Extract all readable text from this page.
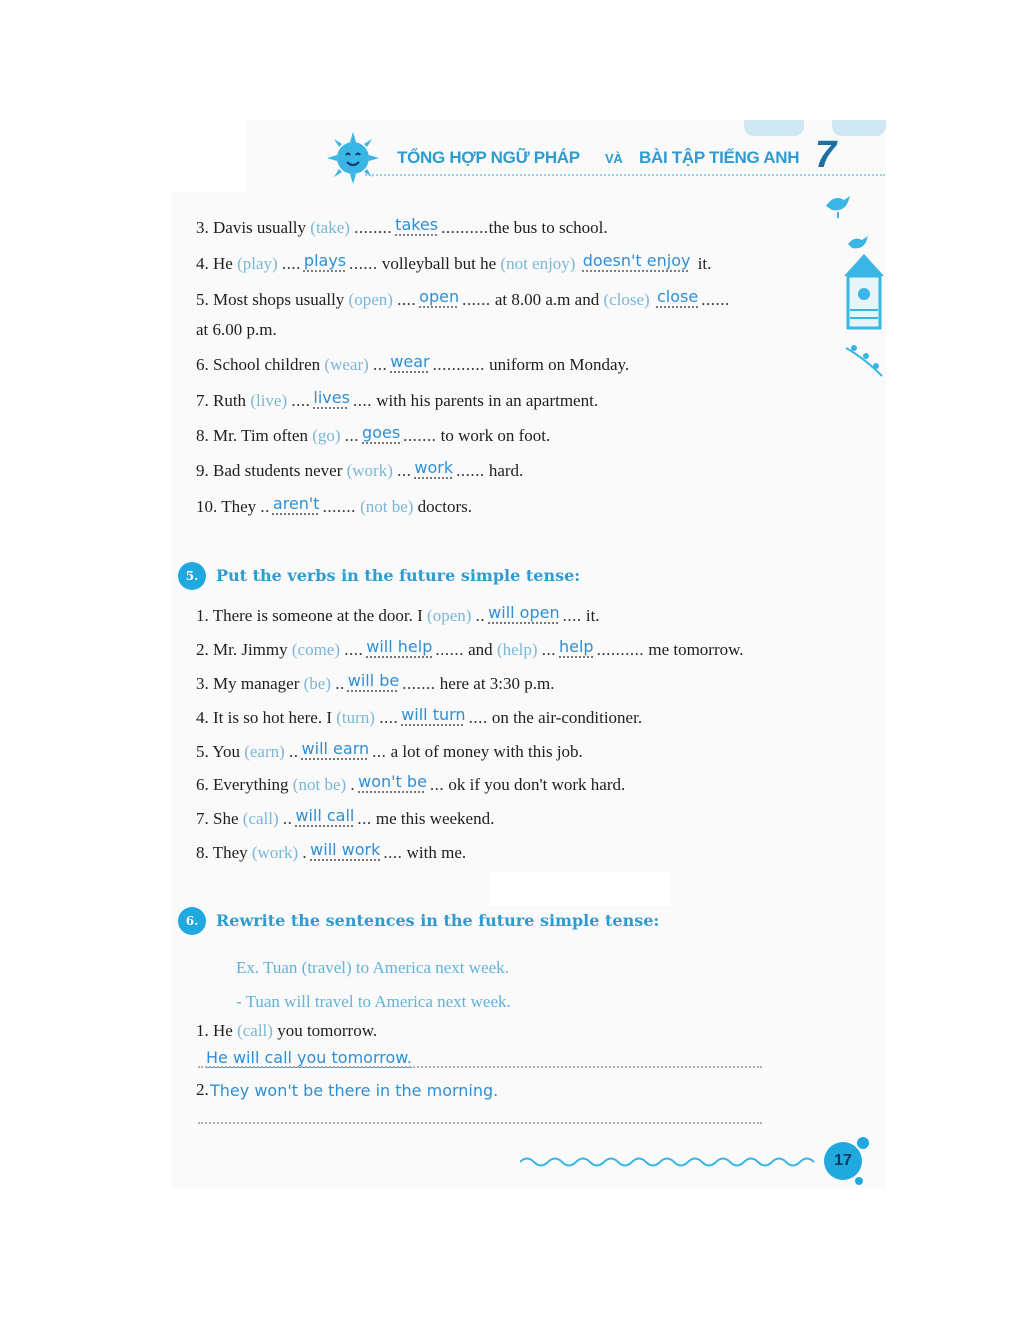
TỔNG HỢP NGỮ PHÁP VÀ BÀI TẬP TIẾNG ANH 7
3. Davis usually (take) ........ takes ..........the bus to school.
4. He (play) .... plays ...... volleyball but he (not enjoy) doesn't enjoy it.
5. Most shops usually (open) .... open ...... at 8.00 a.m and (close) close ......
at 6.00 p.m.
6. School children (wear) ... wear ........... uniform on Monday.
7. Ruth (live) .... lives .... with his parents in an apartment.
8. Mr. Tim often (go) ... goes ....... to work on foot.
9. Bad students never (work) ... work ...... hard.
10. They .. aren't ....... (not be) doctors.
5.	Put the verbs in the future simple tense:
1. There is someone at the door. I (open) .. will open .... it.
2. Mr. Jimmy (come) .... will help ...... and (help) ... help .......... me tomorrow.
3. My manager (be) .. will be ....... here at 3:30 p.m.
4. It is so hot here. I (turn) .... will turn .... on the air-conditioner.
5. You (earn) .. will earn ... a lot of money with this job.
6. Everything (not be) . won't be ... ok if you don't work hard.
7. She (call) .. will call ... me this weekend.
8. They (work) . will work .... with me.
6.	Rewrite the sentences in the future simple tense:
Ex. Tuan (travel) to America next week.
- Tuan will travel to America next week.
1. He (call) you tomorrow.
He will call you tomorrow.
2. They won't be there in the morning.
17
